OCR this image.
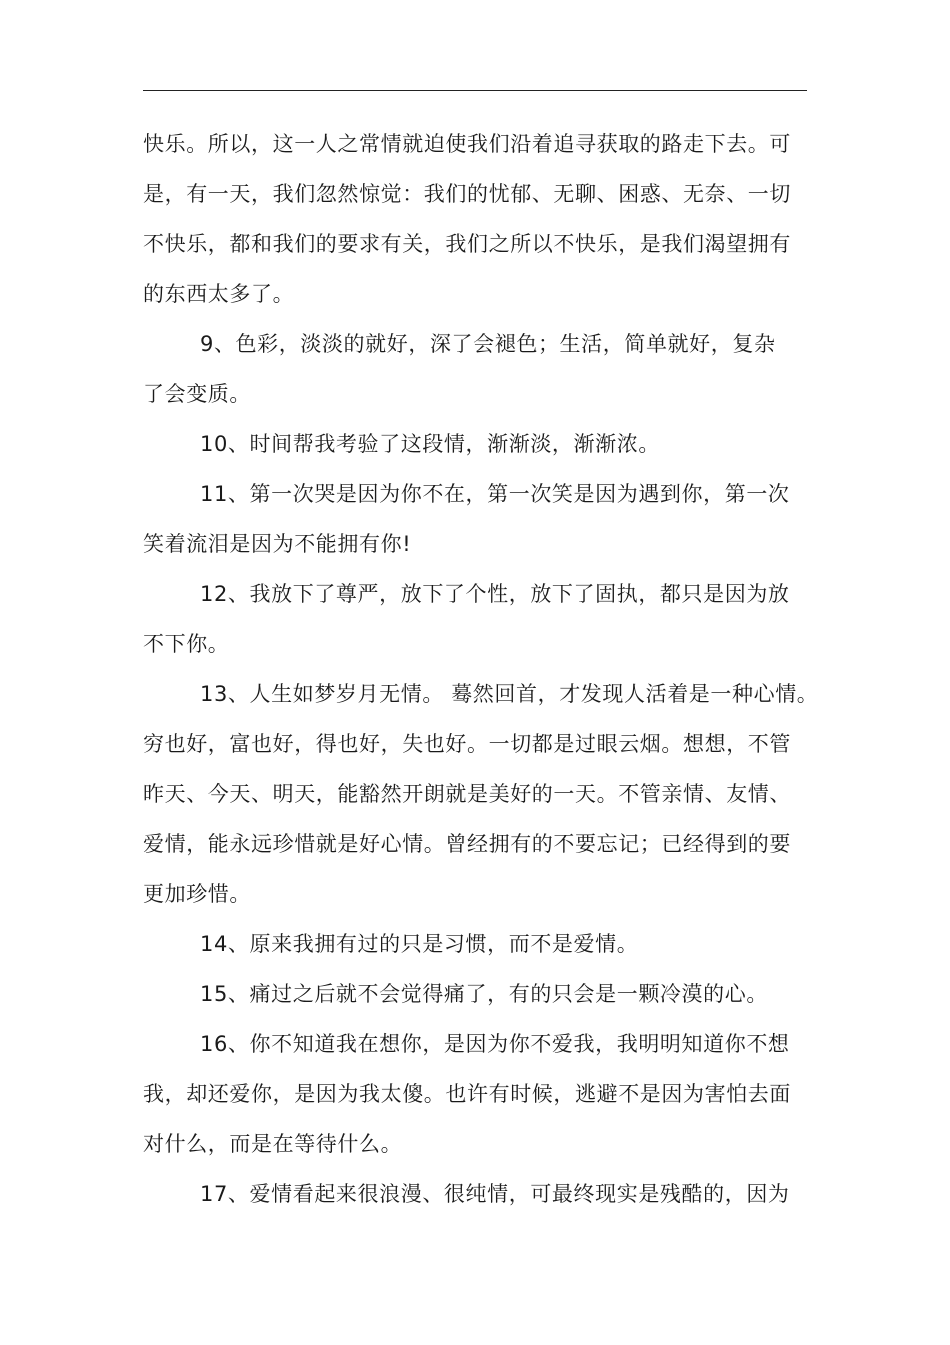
快乐。所以，这一人之常情就迫使我们沿着追寻获取的路走下去。可
是，有一天，我们忽然惊觉：我们的忧郁、无聊、困惑、无奈、一切
不快乐，都和我们的要求有关，我们之所以不快乐，是我们渴望拥有
的东西太多了。
9、色彩，淡淡的就好，深了会褪色；生活，简单就好，复杂
了会变质。
10、时间帮我考验了这段情，渐渐淡，渐渐浓。
11、第一次哭是因为你不在，第一次笑是因为遇到你，第一次
笑着流泪是因为不能拥有你!
12、我放下了尊严，放下了个性，放下了固执，都只是因为放
不下你。
13、人生如梦岁月无情。 蓦然回首，才发现人活着是一种心情。
穷也好，富也好，得也好，失也好。一切都是过眼云烟。想想，不管
昨天、今天、明天，能豁然开朗就是美好的一天。不管亲情、友情、
爱情，能永远珍惜就是好心情。曾经拥有的不要忘记；已经得到的要
更加珍惜。
14、原来我拥有过的只是习惯，而不是爱情。
15、痛过之后就不会觉得痛了，有的只会是一颗冷漠的心。
16、你不知道我在想你，是因为你不爱我，我明明知道你不想
我，却还爱你，是因为我太傻。也许有时候，逃避不是因为害怕去面
对什么，而是在等待什么。
17、爱情看起来很浪漫、很纯情，可最终现实是残酷的，因为
